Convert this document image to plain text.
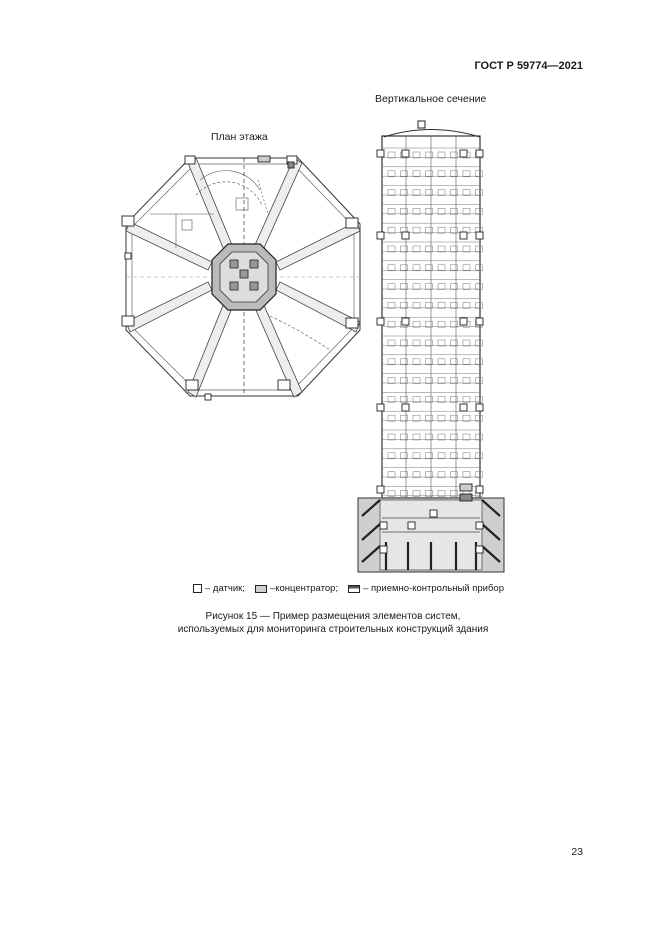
ГОСТ Р 59774—2021
Вертикальное сечение
План этажа
– датчик;	–концентратор;	– приемно-контрольный прибор
Рисунок 15 — Пример размещения элементов систем,
используемых для мониторинга строительных конструкций здания
23
